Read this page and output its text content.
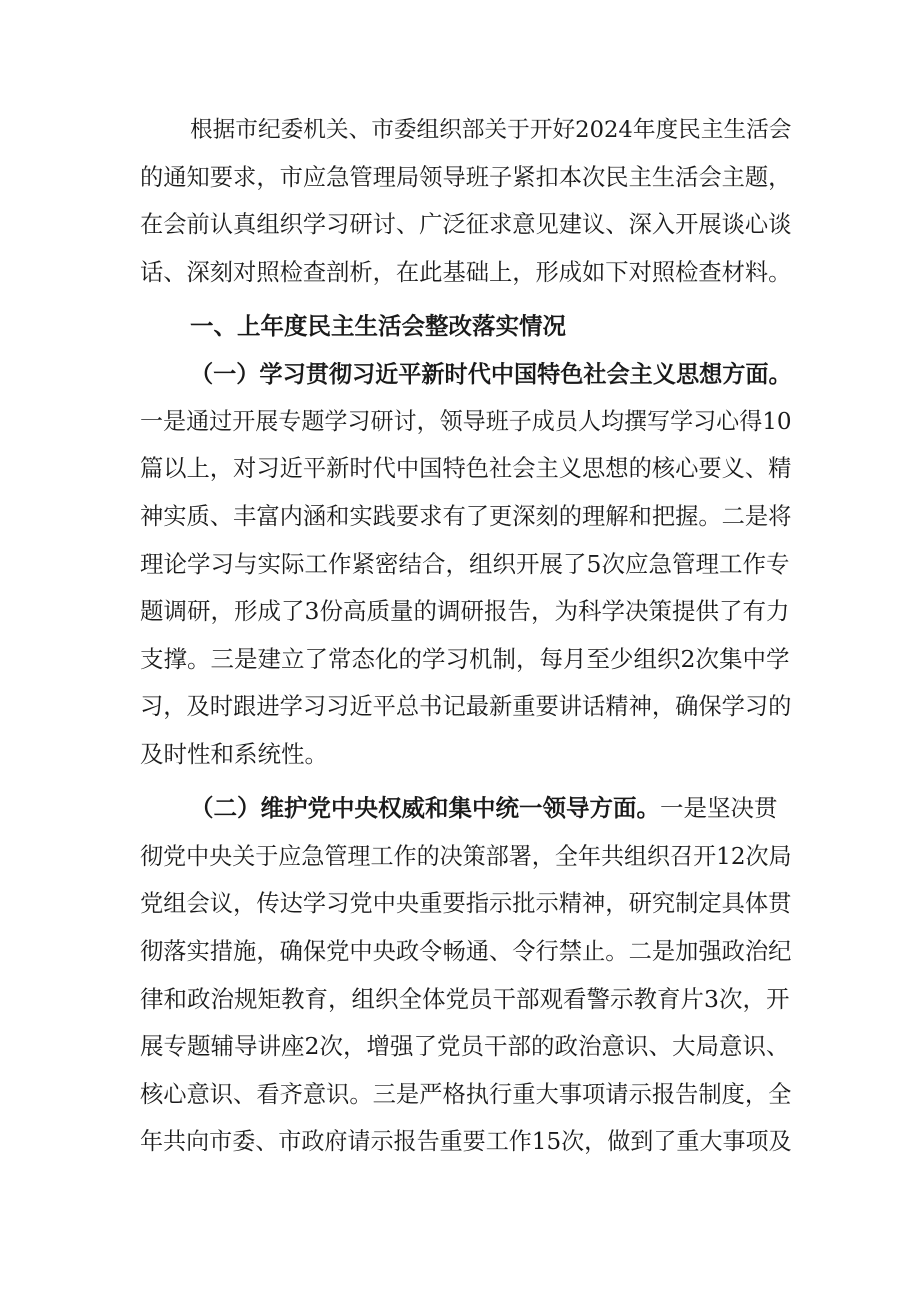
根据市纪委机关、市委组织部关于开好2024年度民主生活会
的通知要求，市应急管理局领导班子紧扣本次民主生活会主题，
在会前认真组织学习研讨、广泛征求意见建议、深入开展谈心谈
话、深刻对照检查剖析，在此基础上，形成如下对照检查材料。
一、上年度民主生活会整改落实情况
（一）学习贯彻习近平新时代中国特色社会主义思想方面。
一是通过开展专题学习研讨，领导班子成员人均撰写学习心得10
篇以上，对习近平新时代中国特色社会主义思想的核心要义、精
神实质、丰富内涵和实践要求有了更深刻的理解和把握。二是将
理论学习与实际工作紧密结合，组织开展了5次应急管理工作专
题调研，形成了3份高质量的调研报告，为科学决策提供了有力
支撑。三是建立了常态化的学习机制，每月至少组织2次集中学
习，及时跟进学习习近平总书记最新重要讲话精神，确保学习的
及时性和系统性。
（二）维护党中央权威和集中统一领导方面。一是坚决贯
彻党中央关于应急管理工作的决策部署，全年共组织召开12次局
党组会议，传达学习党中央重要指示批示精神，研究制定具体贯
彻落实措施，确保党中央政令畅通、令行禁止。二是加强政治纪
律和政治规矩教育，组织全体党员干部观看警示教育片3次，开
展专题辅导讲座2次，增强了党员干部的政治意识、大局意识、
核心意识、看齐意识。三是严格执行重大事项请示报告制度，全
年共向市委、市政府请示报告重要工作15次，做到了重大事项及
